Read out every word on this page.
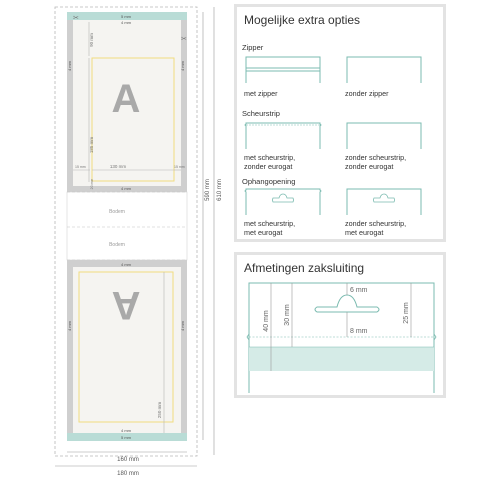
✂
✂
A
5 mm
4 mm
90 mm
185 mm
130 mm
15 mm	15 mm
20 mm
4 mm	4 mm
4 mm
Bodem
Bodem
A
4 mm
4 mm	4 mm
250 mm
4 mm
5 mm
590 mm 610 mm
160 mm
180 mm
Mogelijke extra opties
Zipper
met zipper	zonder zipper
Scheurstrip
met scheurstrip,
zonder eurogat
zonder scheurstrip,
zonder eurogat
Ophangopening
met scheurstrip,
met eurogat
zonder scheurstrip,
met eurogat
Afmetingen zaksluiting
40 mm 30 mm
6 mm
8 mm
25 mm
